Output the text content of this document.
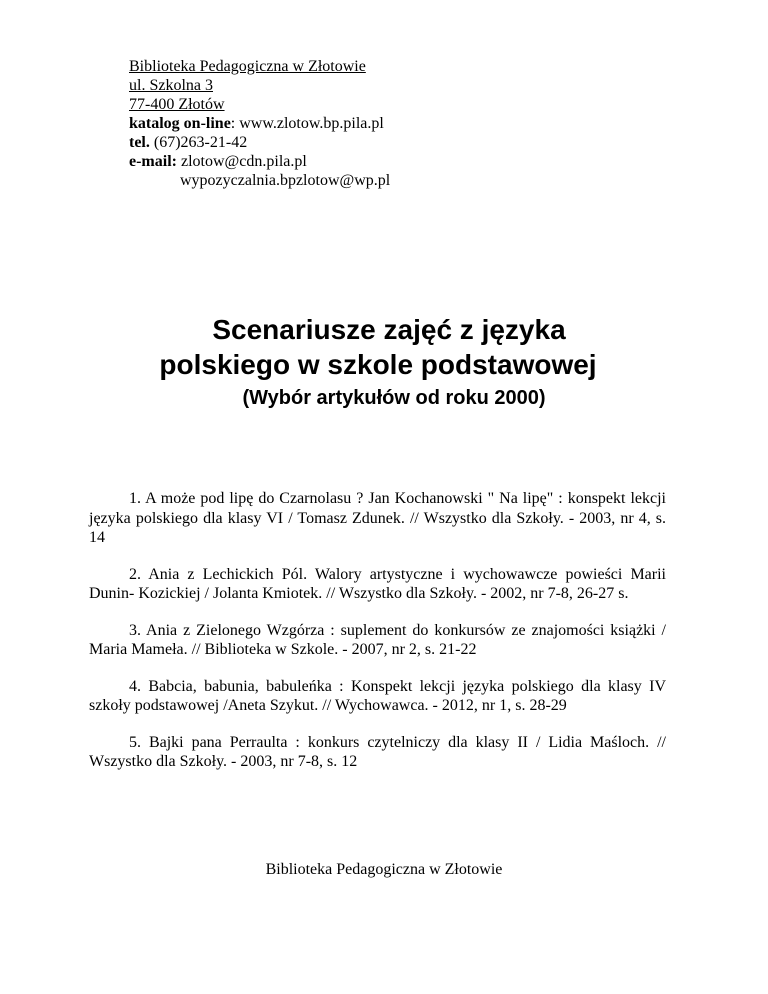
Biblioteka Pedagogiczna w Złotowie
ul. Szkolna 3
77-400 Złotów
katalog on-line: www.zlotow.bp.pila.pl
tel. (67)263-21-42
e-mail: zlotow@cdn.pila.pl
wypozyczalnia.bpzlotow@wp.pl
Scenariusze zajęć z języka
polskiego w szkole podstawowej
(Wybór artykułów od roku 2000)

1. A może pod lipę do Czarnolasu ? Jan Kochanowski " Na lipę" : konspekt lekcji języka polskiego dla klasy VI / Tomasz Zdunek. // Wszystko dla Szkoły. - 2003, nr 4, s. 14

2. Ania z Lechickich Pól. Walory artystyczne i wychowawcze powieści Marii Dunin- Kozickiej / Jolanta Kmiotek. // Wszystko dla Szkoły. - 2002, nr 7-8, 26-27 s.

3. Ania z Zielonego Wzgórza : suplement do konkursów ze znajomości książki / Maria Mameła. // Biblioteka w Szkole. - 2007, nr 2, s. 21-22

4. Babcia, babunia, babuleńka : Konspekt lekcji języka polskiego dla klasy IV szkoły podstawowej /Aneta Szykut. // Wychowawca. - 2012, nr 1, s. 28-29

5. Bajki pana Perraulta : konkurs czytelniczy dla klasy II / Lidia Maśloch. // Wszystko dla Szkoły. - 2003, nr 7-8, s. 12

Biblioteka Pedagogiczna w Złotowie
